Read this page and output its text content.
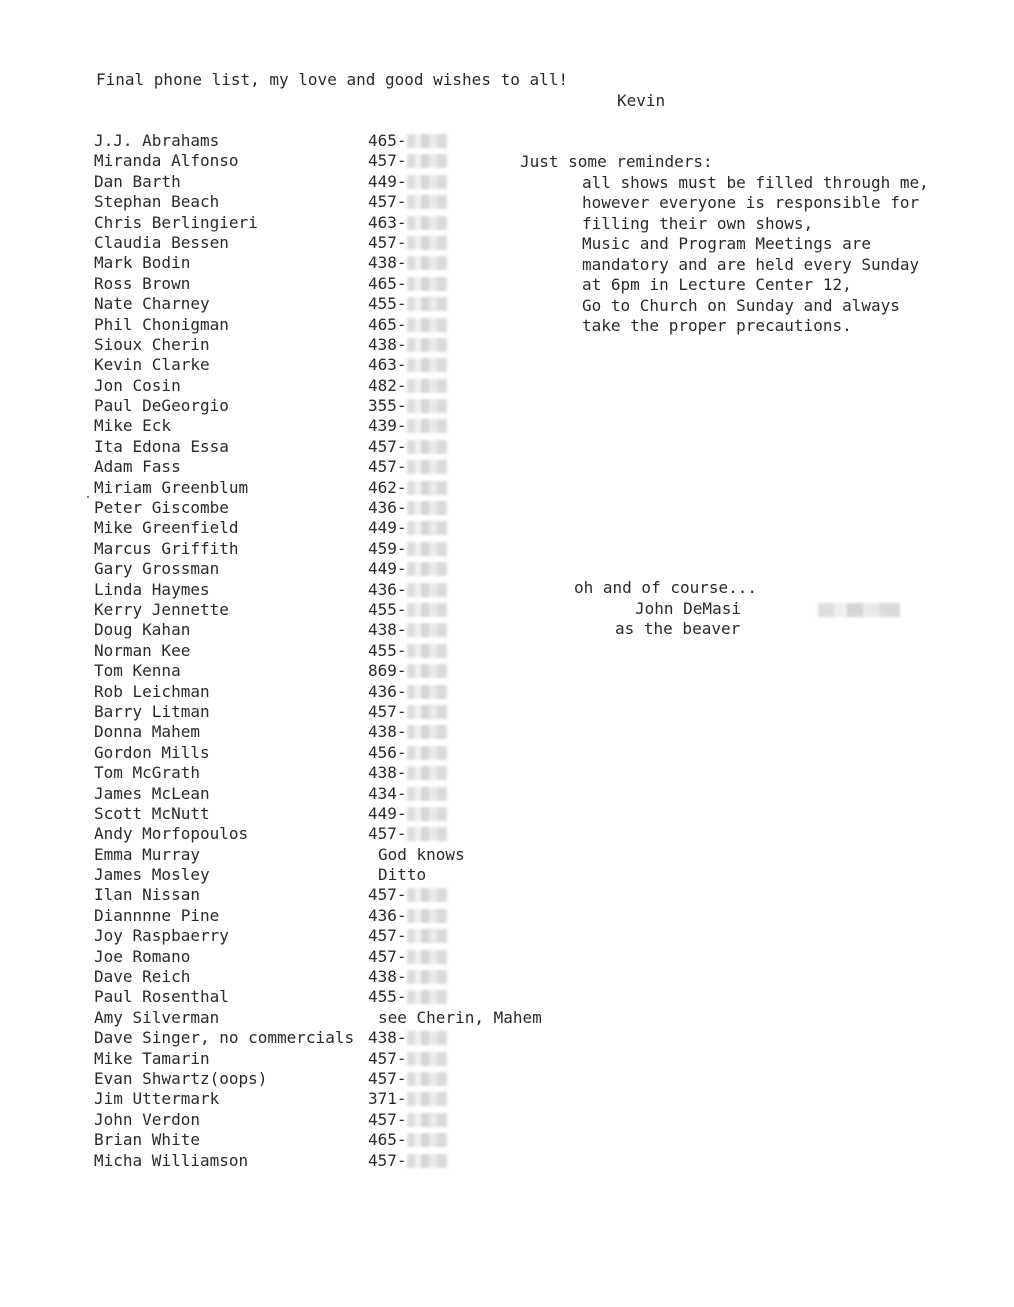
Final phone list, my love and good wishes to all!
Kevin
J.J. Abrahams	465-
Miranda Alfonso	457-
Dan Barth	449-
Stephan Beach	457-
Chris Berlingieri	463-
Claudia Bessen	457-
Mark Bodin	438-
Ross Brown	465-
Nate Charney	455-
Phil Chonigman	465-
Sioux Cherin	438-
Kevin Clarke	463-
Jon Cosin	482-
Paul DeGeorgio	355-
Mike Eck	439-
Ita Edona Essa	457-
Adam Fass	457-
Miriam Greenblum	462-
Peter Giscombe	436-
Mike Greenfield	449-
Marcus Griffith	459-
Gary Grossman	449-
Linda Haymes	436-
Kerry Jennette	455-
Doug Kahan	438-
Norman Kee	455-
Tom Kenna	869-
Rob Leichman	436-
Barry Litman	457-
Donna Mahem	438-
Gordon Mills	456-
Tom McGrath	438-
James McLean	434-
Scott McNutt	449-
Andy Morfopoulos	457-
Emma Murray	God knows
James Mosley	Ditto
Ilan Nissan	457-
Diannnne Pine	436-
Joy Raspbaerry	457-
Joe Romano	457-
Dave Reich	438-
Paul Rosenthal	455-
Amy Silverman	see Cherin, Mahem
Dave Singer, no commercials 438-
Mike Tamarin	457-
Evan Shwartz(oops)	457-
Jim Uttermark	371-
John Verdon	457-
Brian White	465-
Micha Williamson	457-
Just some reminders:
all shows must be filled through me,
however everyone is responsible for
filling their own shows,
Music and Program Meetings are
mandatory and are held every Sunday
at 6pm in Lecture Center 12,
Go to Church on Sunday and always
take the proper precautions.
oh and of course...
John DeMasi
as the beaver
